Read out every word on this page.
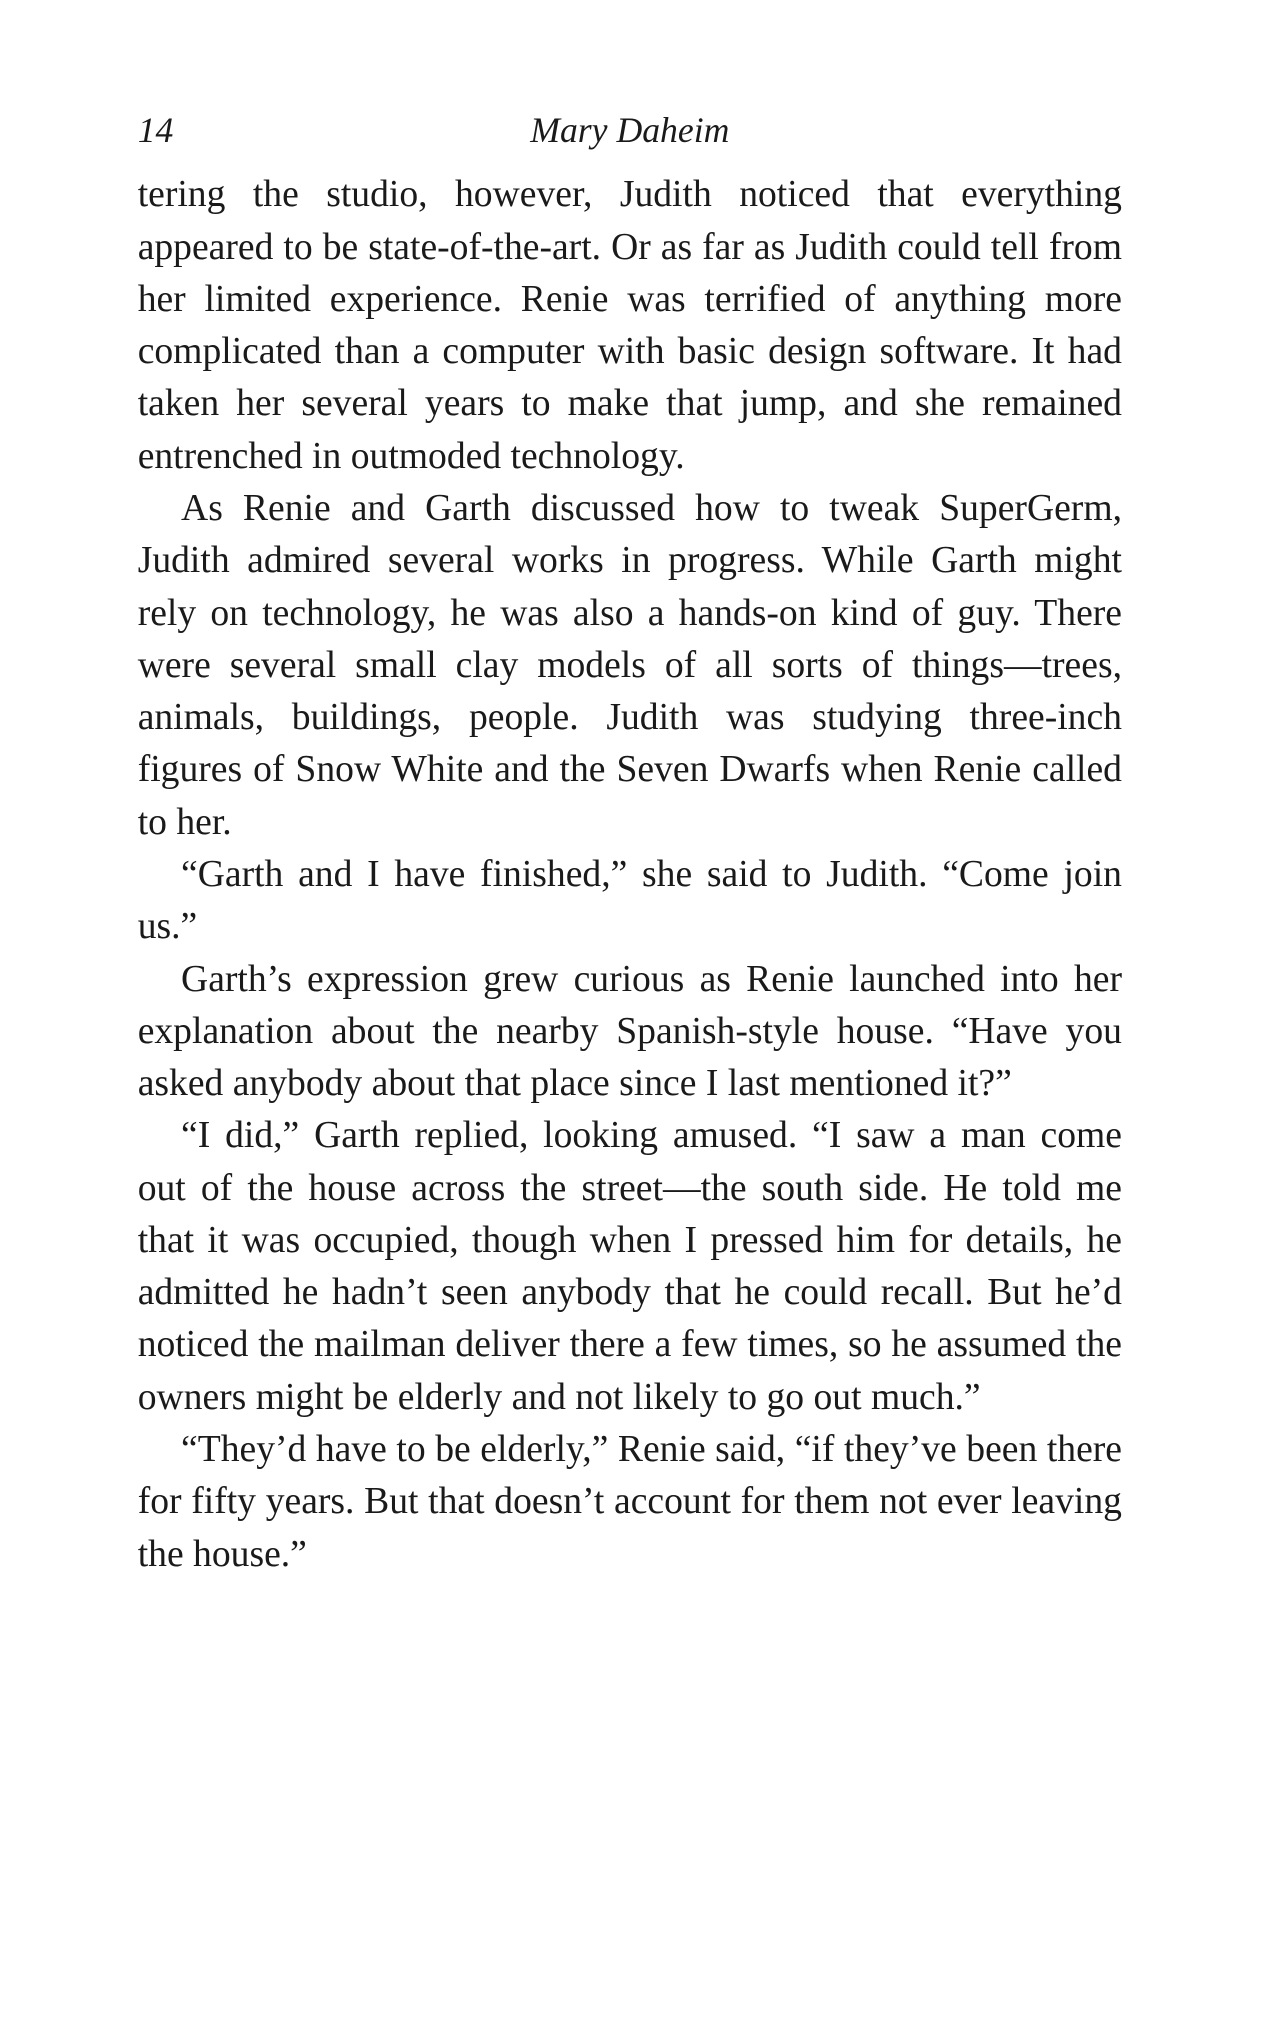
14	Mary Daheim

tering the studio, however, Judith noticed that everything appeared to be state-of-the-art. Or as far as Judith could tell from her limited experience. Renie was terrified of anything more complicated than a computer with basic design software. It had taken her several years to make that jump, and she remained entrenched in outmoded technology.

As Renie and Garth discussed how to tweak SuperGerm, Judith admired several works in progress. While Garth might rely on technology, he was also a hands-on kind of guy. There were several small clay models of all sorts of things—trees, animals, buildings, people. Judith was studying three-inch figures of Snow White and the Seven Dwarfs when Renie called to her.

“Garth and I have finished,” she said to Judith. “Come join us.”

Garth’s expression grew curious as Renie launched into her explanation about the nearby Spanish-style house. “Have you asked anybody about that place since I last mentioned it?”

“I did,” Garth replied, looking amused. “I saw a man come out of the house across the street—the south side. He told me that it was occupied, though when I pressed him for details, he admitted he hadn’t seen anybody that he could recall. But he’d noticed the mailman deliver there a few times, so he assumed the owners might be elderly and not likely to go out much.”

“They’d have to be elderly,” Renie said, “if they’ve been there for fifty years. But that doesn’t account for them not ever leaving the house.”
